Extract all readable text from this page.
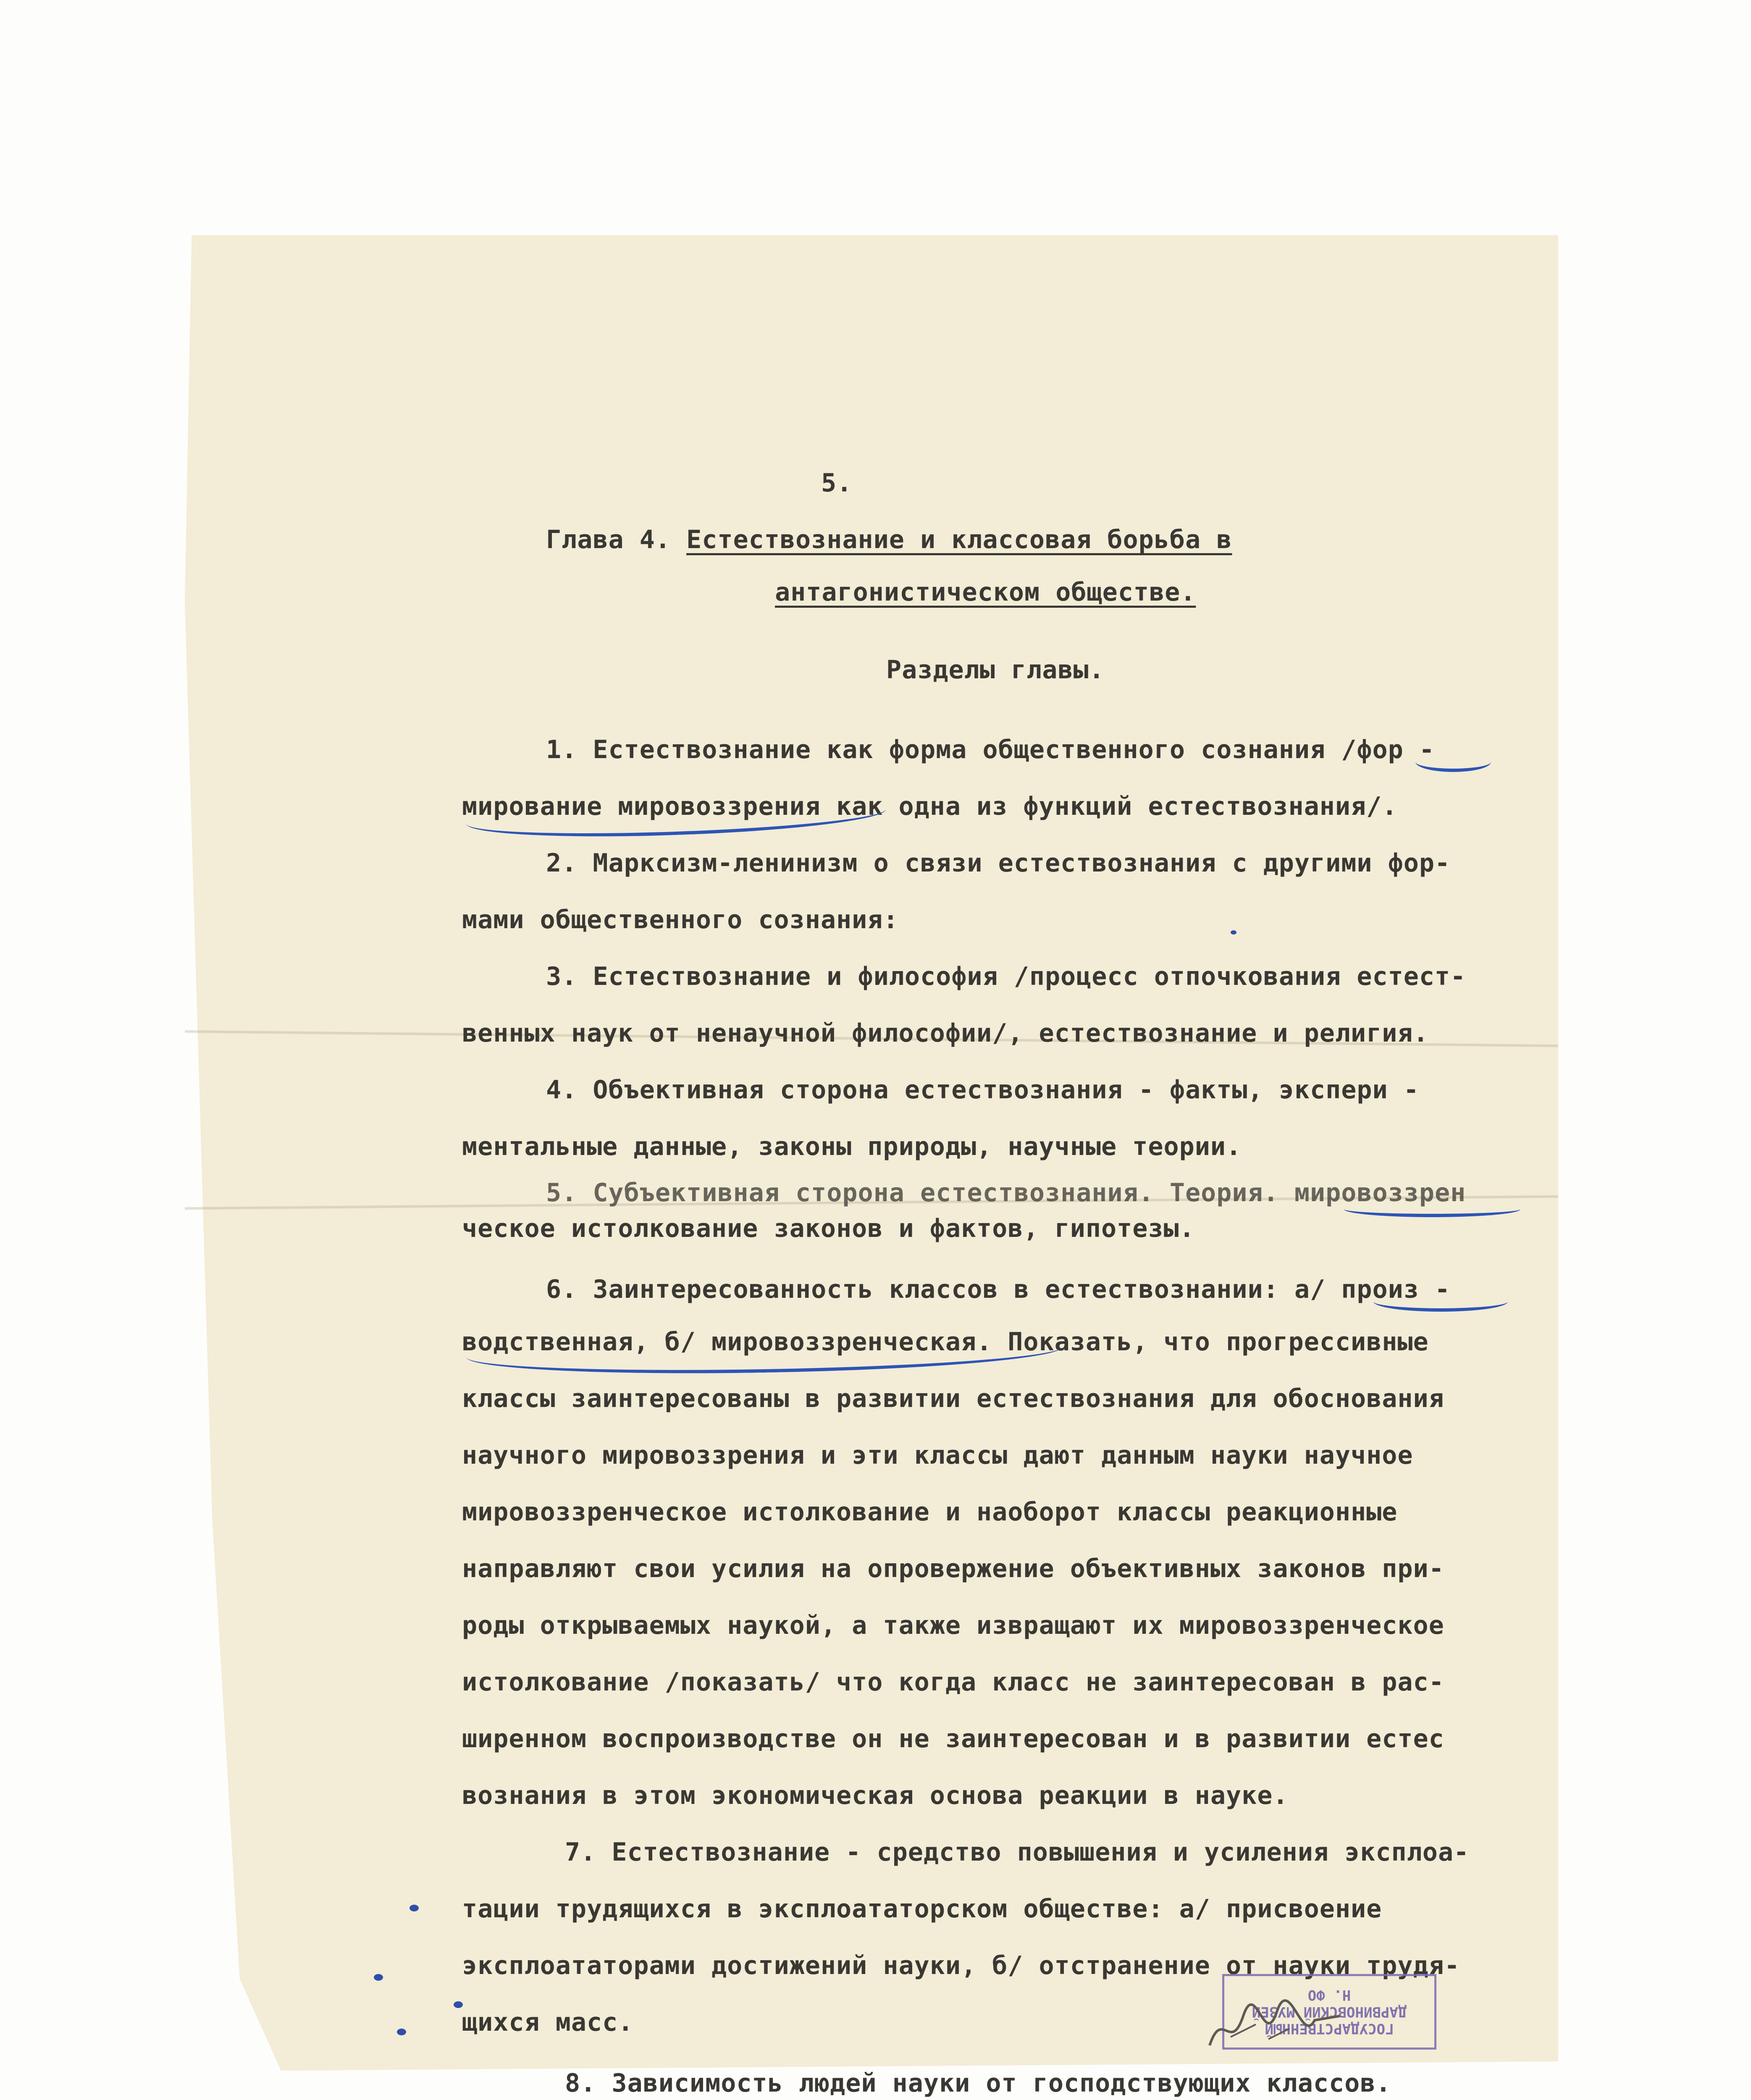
5.
Глава 4. Естествознание и классовая борьба в
антагонистическом обществе.
Разделы главы.
1. Естествознание как форма общественного сознания /фор -
мирование мировоззрения как одна из функций естествознания/.
2. Марксизм-ленинизм о связи естествознания с другими фор-
мами общественного сознания:
3. Естествознание и философия /процесс отпочкования естест-
венных наук от ненаучной философии/, естествознание и религия.
4. Объективная сторона естествознания - факты, экспери -
ментальные данные, законы природы, научные теории.
5. Субъективная сторона естествознания. Теория. мировоззрен
ческое истолкование законов и фактов, гипотезы.
6. Заинтересованность классов в естествознании: а/ произ -
водственная, б/ мировоззренческая. Показать, что прогрессивные
классы заинтересованы в развитии естествознания для обоснования
научного мировоззрения и эти классы дают данным науки научное
мировоззренческое истолкование и наоборот классы реакционные
направляют свои усилия на опровержение объективных законов при-
роды открываемых наукой, а также извращают их мировоззренческое
истолкование /показать/ что когда класс не заинтересован в рас-
ширенном воспроизводстве он не заинтересован и в развитии естес
вознания в этом экономическая основа реакции в науке.
7. Естествознание - средство повышения и усиления эксплоа-
тации трудящихся в эксплоататорском обществе: а/ присвоение
эксплоататорами достижений науки, б/ отстранение от науки трудя-
щихся масс.
8. Зависимость людей науки от господствующих классов.
ГОСУДАРСТВЕННЫЙ
ДАРВИНОВСКИЙ МУЗЕЙ
Н. ФО
